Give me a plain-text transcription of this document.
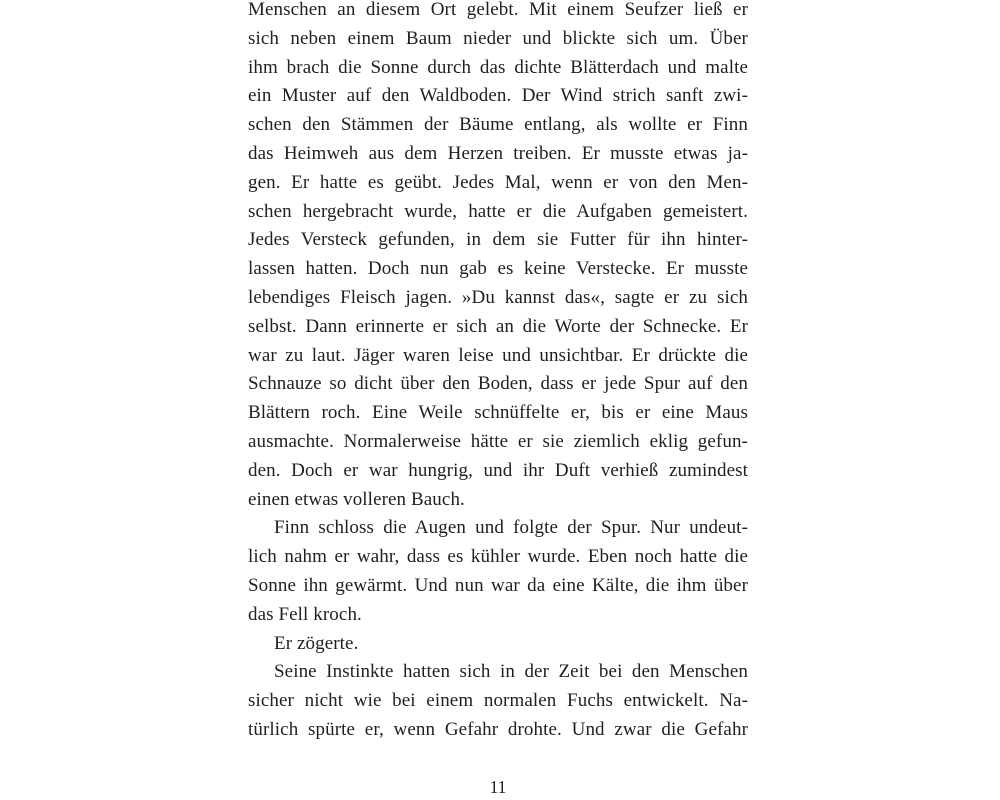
Menschen an diesem Ort gelebt. Mit einem Seufzer ließ er
sich neben einem Baum nieder und blickte sich um. Über
ihm brach die Sonne durch das dichte Blätterdach und malte
ein Muster auf den Waldboden. Der Wind strich sanft zwi-
schen den Stämmen der Bäume entlang, als wollte er Finn
das Heimweh aus dem Herzen treiben. Er musste etwas ja-
gen. Er hatte es geübt. Jedes Mal, wenn er von den Men-
schen hergebracht wurde, hatte er die Aufgaben gemeistert.
Jedes Versteck gefunden, in dem sie Futter für ihn hinter-
lassen hatten. Doch nun gab es keine Verstecke. Er musste
lebendiges Fleisch jagen. »Du kannst das«, sagte er zu sich
selbst. Dann erinnerte er sich an die Worte der Schnecke. Er
war zu laut. Jäger waren leise und unsichtbar. Er drückte die
Schnauze so dicht über den Boden, dass er jede Spur auf den
Blättern roch. Eine Weile schnüffelte er, bis er eine Maus
ausmachte. Normalerweise hätte er sie ziemlich eklig gefun-
den. Doch er war hungrig, und ihr Duft verhieß zumindest
einen etwas volleren Bauch.
Finn schloss die Augen und folgte der Spur. Nur undeut-
lich nahm er wahr, dass es kühler wurde. Eben noch hatte die
Sonne ihn gewärmt. Und nun war da eine Kälte, die ihm über
das Fell kroch.
Er zögerte.
Seine Instinkte hatten sich in der Zeit bei den Menschen
sicher nicht wie bei einem normalen Fuchs entwickelt. Na-
türlich spürte er, wenn Gefahr drohte. Und zwar die Gefahr
11
